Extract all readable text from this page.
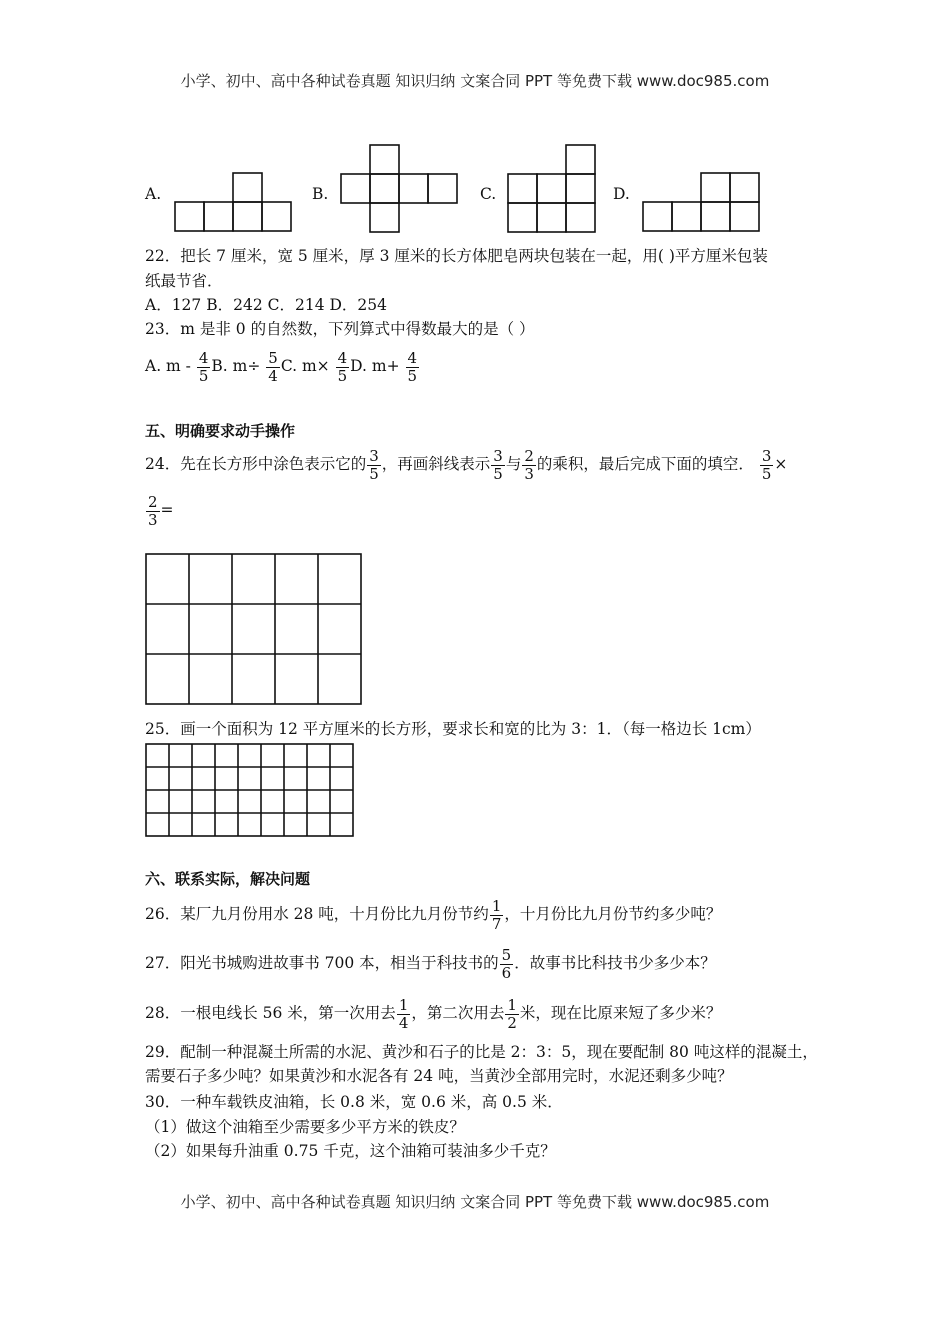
小学、初中、高中各种试卷真题 知识归纳 文案合同 PPT 等免费下载 www.doc985.com
A.	B.	C.	D.
22．把长 7 厘米，宽 5 厘米，厚 3 厘米的长方体肥皂两块包装在一起，用( )平方厘米包装
纸最节省．
A．127 B．242 C．214 D．254
23．m 是非 0 的自然数，下列算式中得数最大的是（ ）
A. m - $\frac{4}{5} B$. $m\div \frac{5}{4} C$. $m\times \frac{4}{5} D$. $m+ \frac{4}{5}$
五、明确要求动手操作
24．先在长方形中涂色表示它的 $\frac{3}{5}$ ，再画斜线表示 $\frac{3}{5}$ 与 $\frac{2}{3}$ 的乘积，最后完成下面的填空． $\frac{3}{5}$ ×
$\frac{2}{3}$ =
25．画一个面积为 12 平方厘米的长方形，要求长和宽的比为 3：1．（每一格边长 1cm）
六、联系实际，解决问题
26．某厂九月份用水 28 吨，十月份比九月份节约 $\frac{1}{7}$ ，十月份比九月份节约多少吨？
27．阳光书城购进故事书 700 本，相当于科技书的 $\frac{5}{6}$ ．故事书比科技书少多少本？
28．一根电线长 56 米，第一次用去 $\frac{1}{4}$ ，第二次用去 $\frac{1}{2}$ 米，现在比原来短了多少米？
29．配制一种混凝土所需的水泥、黄沙和石子的比是 2：3：5，现在要配制 80 吨这样的混凝土，
需要石子多少吨？如果黄沙和水泥各有 24 吨，当黄沙全部用完时，水泥还剩多少吨？
30．一种车载铁皮油箱，长 0.8 米，宽 0.6 米，高 0.5 米．
（1）做这个油箱至少需要多少平方米的铁皮？
（2）如果每升油重 0.75 千克，这个油箱可装油多少千克？
小学、初中、高中各种试卷真题 知识归纳 文案合同 PPT 等免费下载 www.doc985.com
